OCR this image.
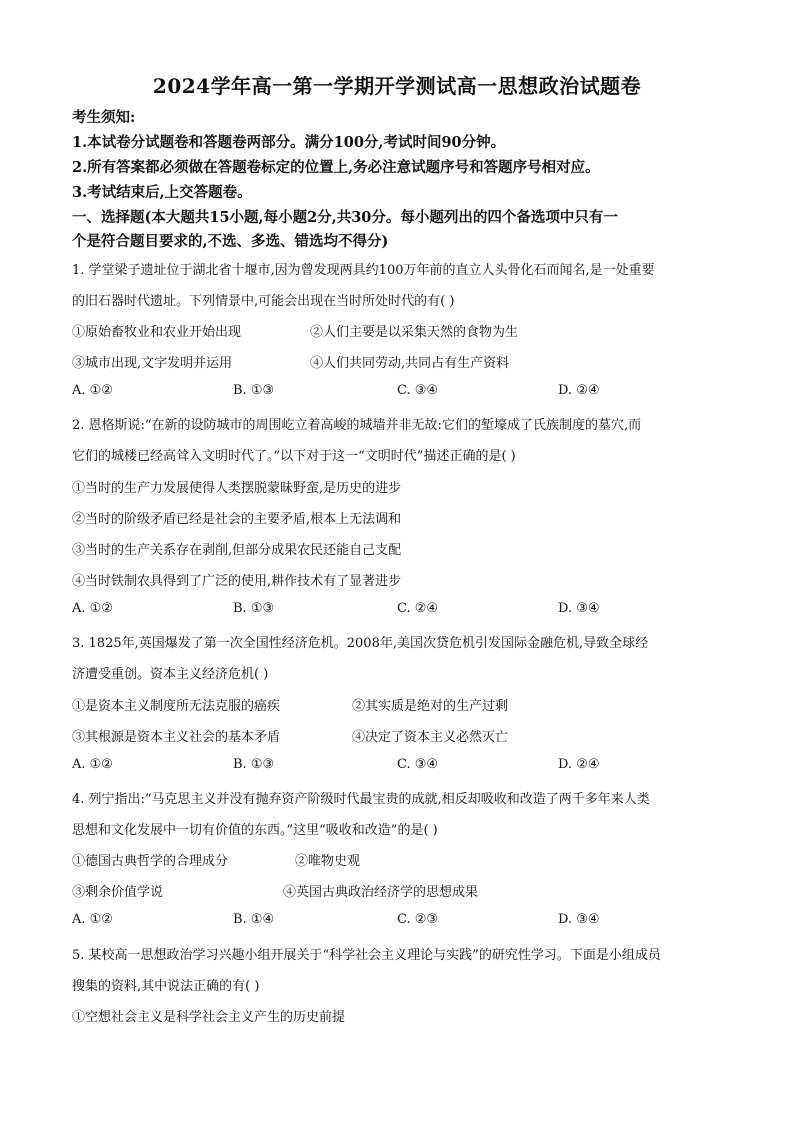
2024学年高一第一学期开学测试高一思想政治试题卷
考生须知:
1.本试卷分试题卷和答题卷两部分。满分100分,考试时间90分钟。
2.所有答案都必须做在答题卷标定的位置上,务必注意试题序号和答题序号相对应。
3.考试结束后,上交答题卷。
一、选择题(本大题共15小题,每小题2分,共30分。每小题列出的四个备选项中只有一
个是符合题目要求的,不选、多选、错选均不得分)
1. 学堂梁子遗址位于湖北省十堰市,因为曾发现两具约100万年前的直立人头骨化石而闻名,是一处重要
的旧石器时代遗址。下列情景中,可能会出现在当时所处时代的有( )
①原始畜牧业和农业开始出现	②人们主要是以采集天然的食物为生
③城市出现,文字发明并运用	④人们共同劳动,共同占有生产资料
A. ①②	B. ①③	C. ③④	D. ②④
2. 恩格斯说:“在新的设防城市的周围屹立着高峻的城墙并非无故:它们的堑壕成了氏族制度的墓穴,而
它们的城楼已经高耸入文明时代了。”以下对于这一“文明时代”描述正确的是( )
①当时的生产力发展使得人类摆脱蒙昧野蛮,是历史的进步
②当时的阶级矛盾已经是社会的主要矛盾,根本上无法调和
③当时的生产关系存在剥削,但部分成果农民还能自己支配
④当时铁制农具得到了广泛的使用,耕作技术有了显著进步
A. ①②	B. ①③	C. ②④	D. ③④
3. 1825年,英国爆发了第一次全国性经济危机。2008年,美国次贷危机引发国际金融危机,导致全球经
济遭受重创。资本主义经济危机( )
①是资本主义制度所无法克服的癌疾	②其实质是绝对的生产过剩
③其根源是资本主义社会的基本矛盾	④决定了资本主义必然灭亡
A. ①②	B. ①③	C. ③④	D. ②④
4. 列宁指出:“马克思主义并没有抛弃资产阶级时代最宝贵的成就,相反却吸收和改造了两千多年来人类
思想和文化发展中一切有价值的东西。”这里“吸收和改造”的是( )
①德国古典哲学的合理成分	②唯物史观
③剩余价值学说	④英国古典政治经济学的思想成果
A. ①②	B. ①④	C. ②③	D. ③④
5. 某校高一思想政治学习兴趣小组开展关于“科学社会主义理论与实践”的研究性学习。下面是小组成员
搜集的资料,其中说法正确的有( )
①空想社会主义是科学社会主义产生的历史前提
